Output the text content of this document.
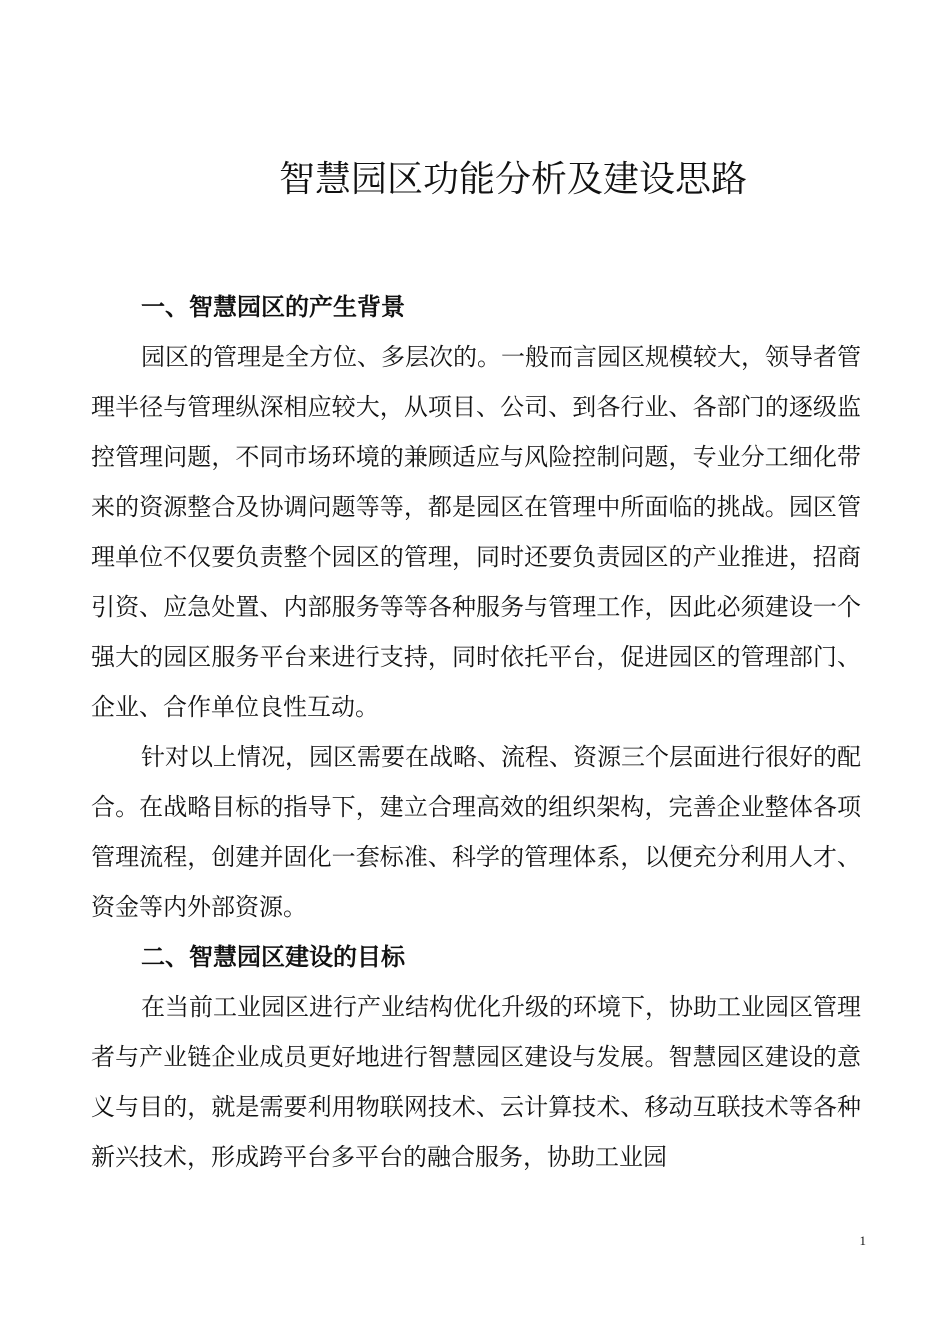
智慧园区功能分析及建设思路
一、智慧园区的产生背景

园区的管理是全方位、多层次的。一般而言园区规模较大，领导者管理半径与管理纵深相应较大，从项目、公司、到各行业、各部门的逐级监控管理问题，不同市场环境的兼顾适应与风险控制问题，专业分工细化带来的资源整合及协调问题等等，都是园区在管理中所面临的挑战。园区管理单位不仅要负责整个园区的管理，同时还要负责园区的产业推进，招商引资、应急处置、内部服务等等各种服务与管理工作，因此必须建设一个强大的园区服务平台来进行支持，同时依托平台，促进园区的管理部门、企业、合作单位良性互动。

针对以上情况，园区需要在战略、流程、资源三个层面进行很好的配合。在战略目标的指导下，建立合理高效的组织架构，完善企业整体各项管理流程，创建并固化一套标准、科学的管理体系，以便充分利用人才、资金等内外部资源。

二、智慧园区建设的目标

在当前工业园区进行产业结构优化升级的环境下，协助工业园区管理者与产业链企业成员更好地进行智慧园区建设与发展。智慧园区建设的意义与目的，就是需要利用物联网技术、云计算技术、移动互联技术等各种新兴技术，形成跨平台多平台的融合服务，协助工业园

1
